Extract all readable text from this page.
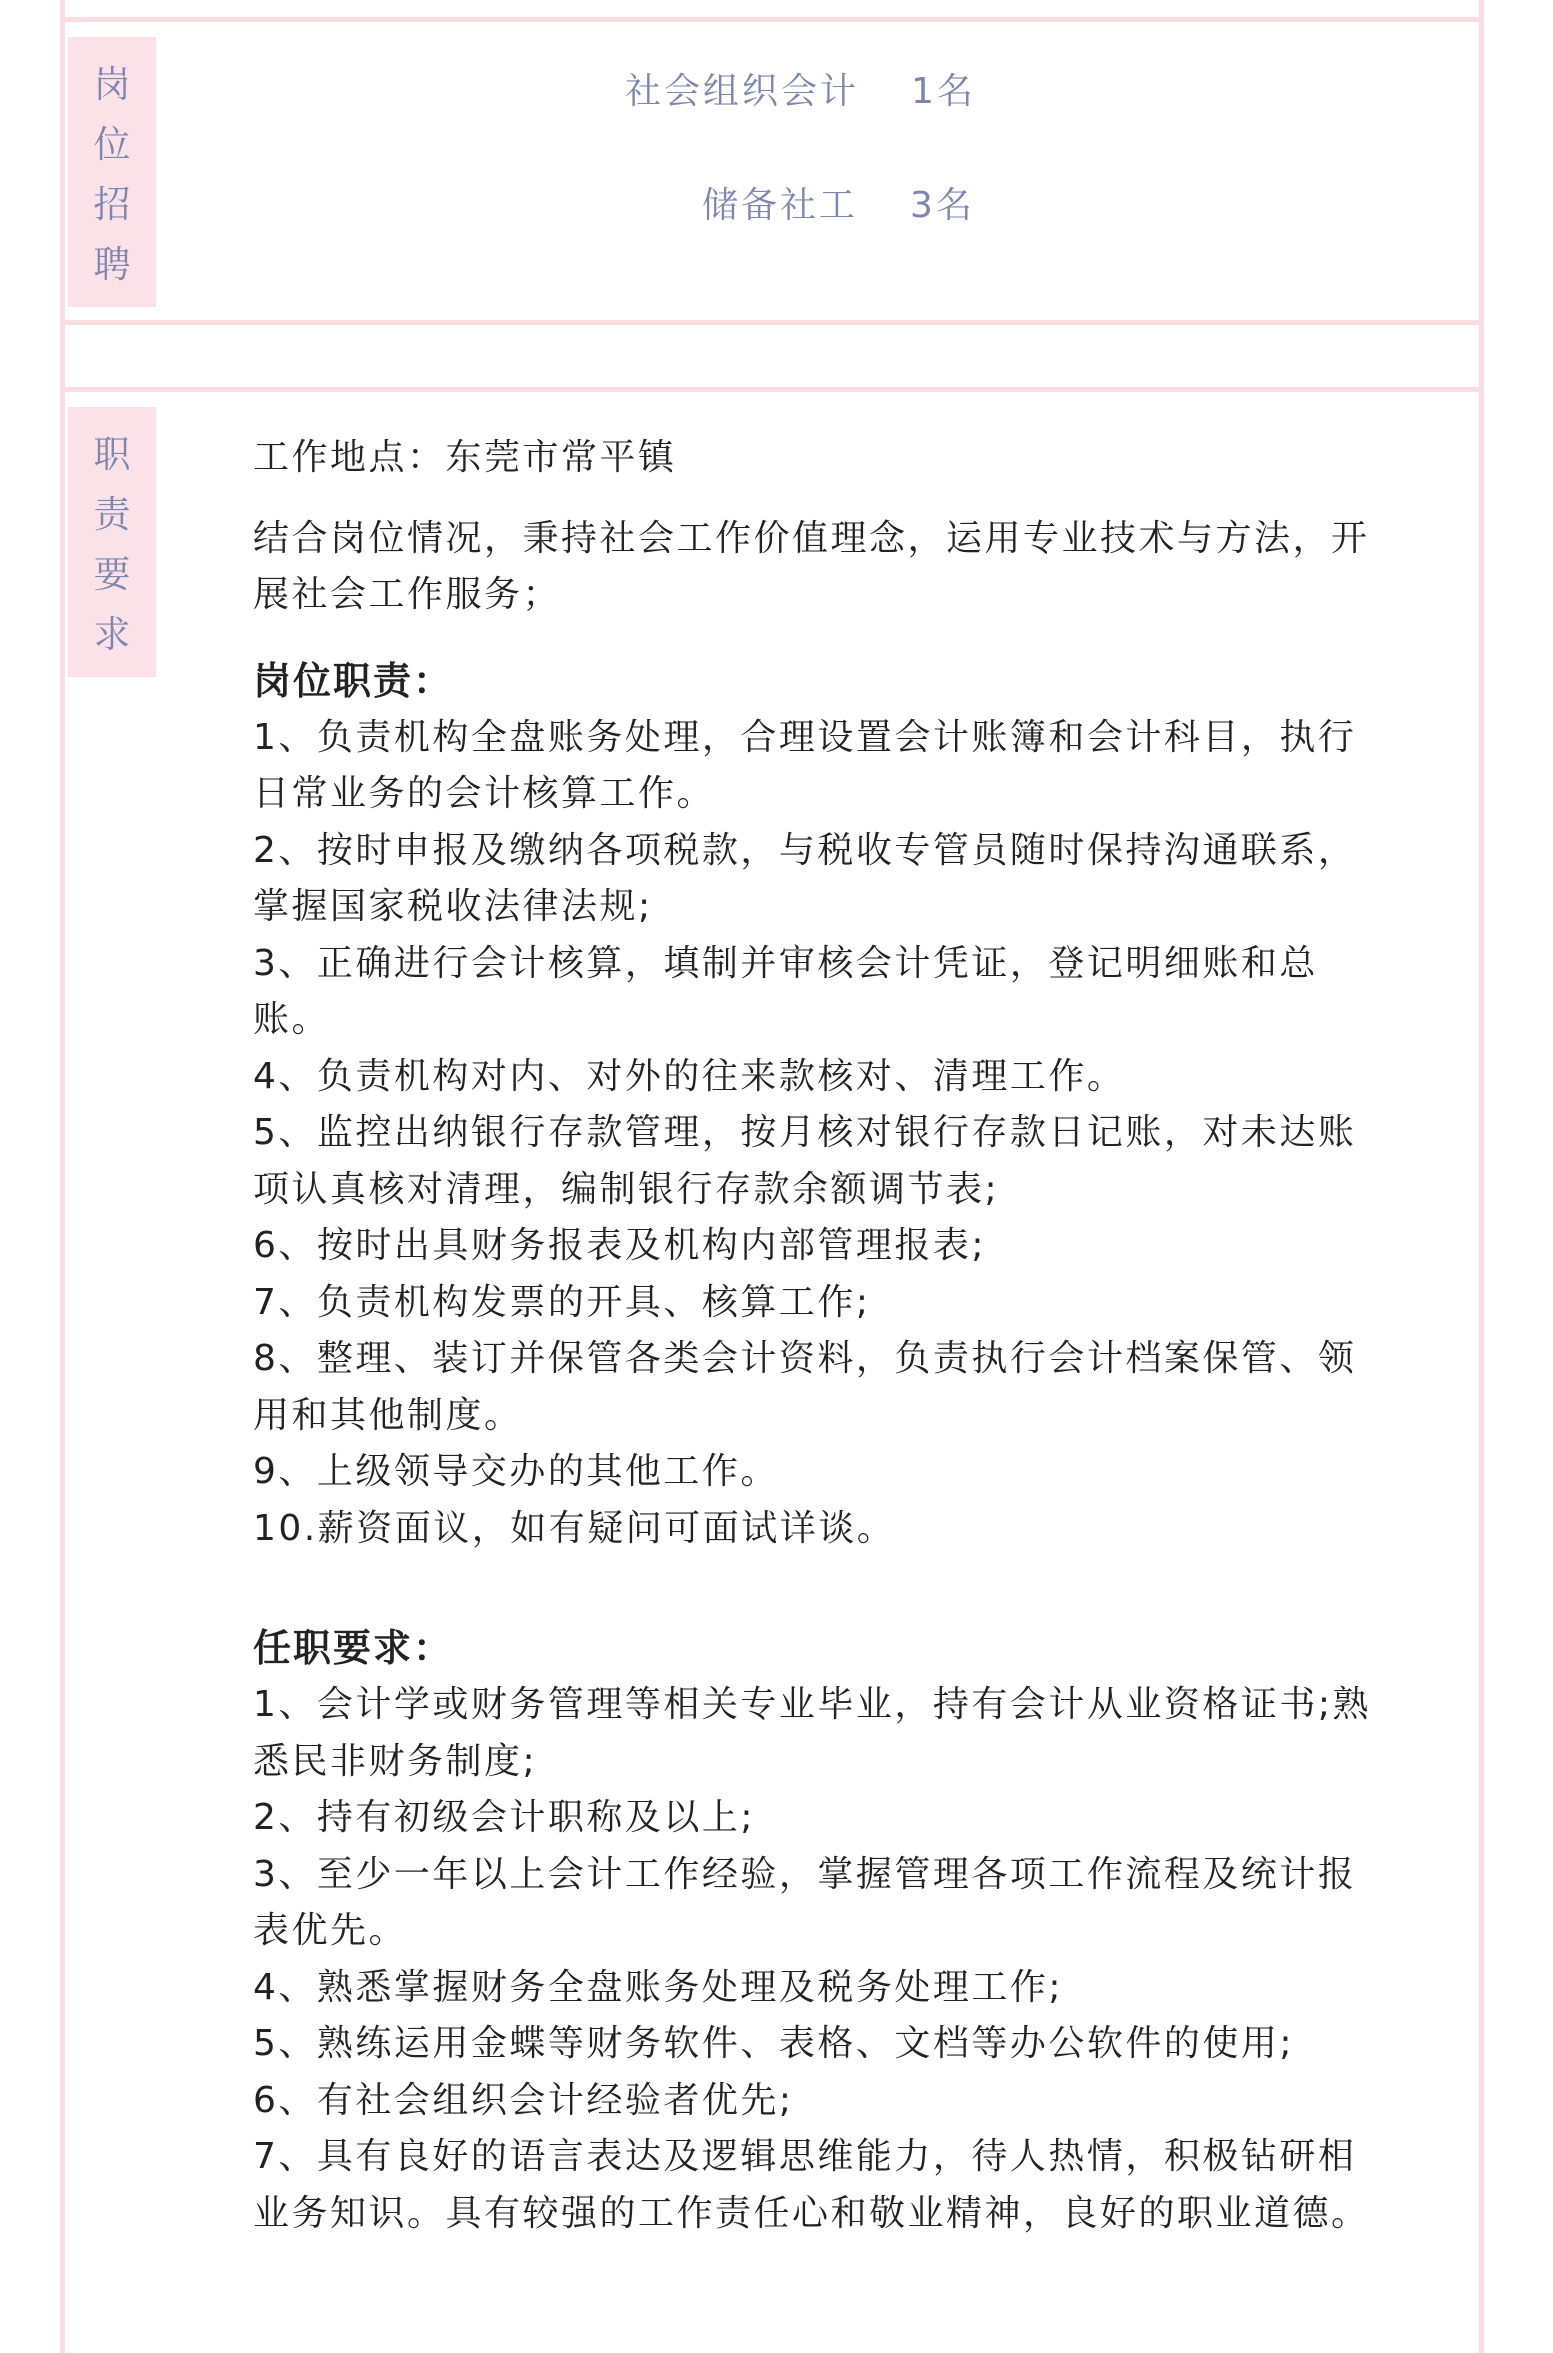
岗
位
招
聘
社会组织会计 1名
储备社工 3名
职
责
要
求

工作地点：东莞市常平镇

结合岗位情况，秉持社会工作价值理念，运用专业技术与方法，开

展社会工作服务；

岗位职责：

1、负责机构全盘账务处理，合理设置会计账簿和会计科目，执行

日常业务的会计核算工作。

2、按时申报及缴纳各项税款，与税收专管员随时保持沟通联系，

掌握国家税收法律法规;

3、正确进行会计核算，填制并审核会计凭证，登记明细账和总

账。

4、负责机构对内、对外的往来款核对、清理工作。

5、监控出纳银行存款管理，按月核对银行存款日记账，对未达账

项认真核对清理，编制银行存款余额调节表;

6、按时出具财务报表及机构内部管理报表;

7、负责机构发票的开具、核算工作;

8、整理、装订并保管各类会计资料，负责执行会计档案保管、领

用和其他制度。

9、上级领导交办的其他工作。

10.薪资面议，如有疑问可面试详谈。

任职要求：

1、会计学或财务管理等相关专业毕业，持有会计从业资格证书;熟

悉民非财务制度;

2、持有初级会计职称及以上;

3、至少一年以上会计工作经验，掌握管理各项工作流程及统计报

表优先。

4、熟悉掌握财务全盘账务处理及税务处理工作;

5、熟练运用金蝶等财务软件、表格、文档等办公软件的使用;

6、有社会组织会计经验者优先;

7、具有良好的语言表达及逻辑思维能力，待人热情，积极钻研相

业务知识。具有较强的工作责任心和敬业精神，良好的职业道德。
